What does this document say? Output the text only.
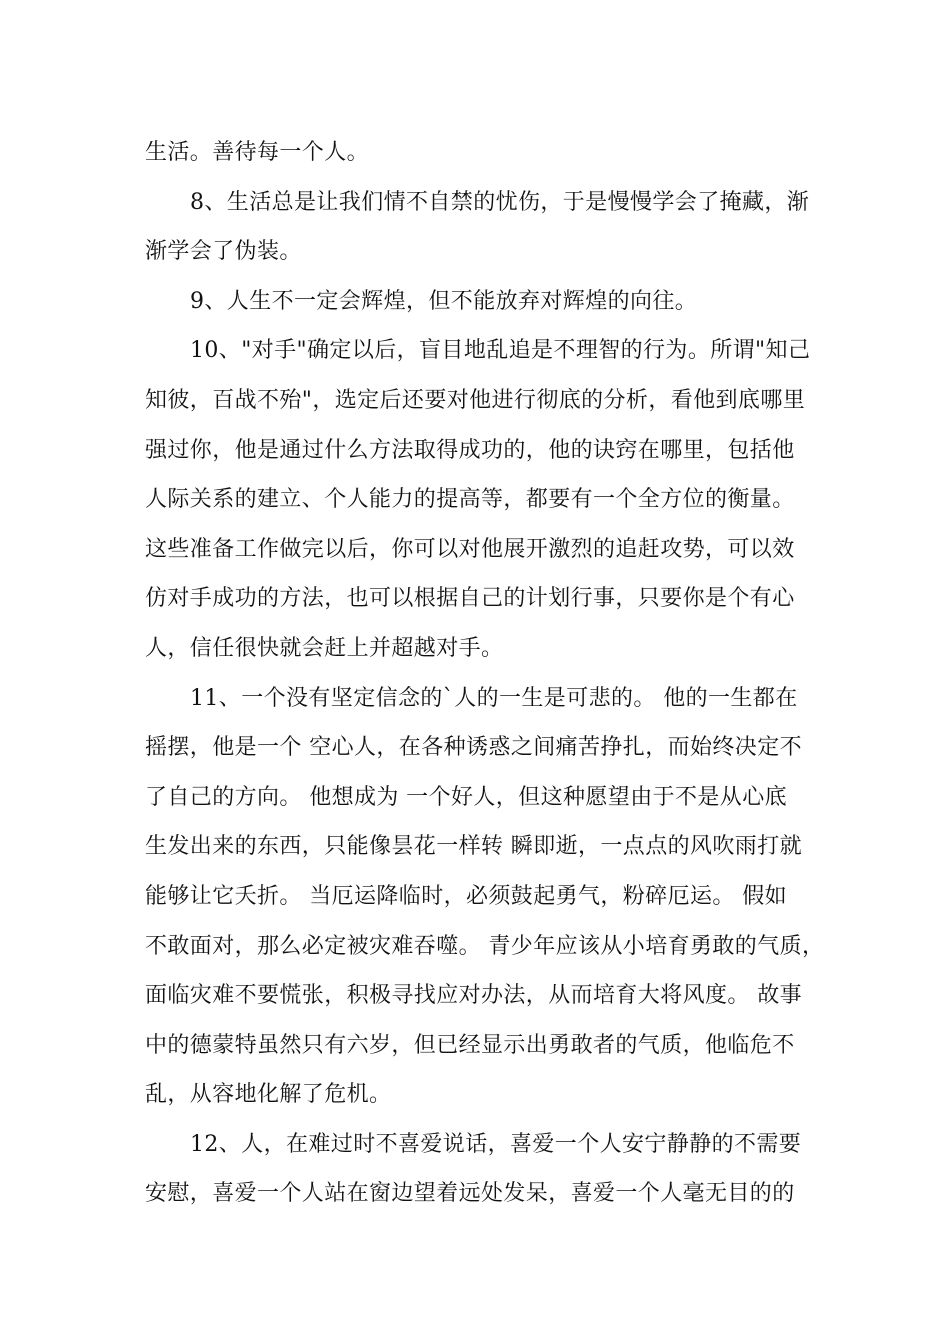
生活。善待每一个人。
8、生活总是让我们情不自禁的忧伤，于是慢慢学会了掩藏，渐
渐学会了伪装。
9、人生不一定会辉煌，但不能放弃对辉煌的向往。
10、"对手"确定以后，盲目地乱追是不理智的行为。所谓"知己
知彼，百战不殆"，选定后还要对他进行彻底的分析，看他到底哪里
强过你，他是通过什么方法取得成功的，他的诀窍在哪里，包括他
人际关系的建立、个人能力的提高等，都要有一个全方位的衡量。
这些准备工作做完以后，你可以对他展开激烈的追赶攻势，可以效
仿对手成功的方法，也可以根据自己的计划行事，只要你是个有心
人，信任很快就会赶上并超越对手。
11、一个没有坚定信念的`人的一生是可悲的。 他的一生都在
摇摆，他是一个 空心人，在各种诱惑之间痛苦挣扎，而始终决定不
了自己的方向。 他想成为 一个好人，但这种愿望由于不是从心底
生发出来的东西，只能像昙花一样转 瞬即逝，一点点的风吹雨打就
能够让它夭折。 当厄运降临时，必须鼓起勇气，粉碎厄运。 假如
不敢面对，那么必定被灾难吞噬。 青少年应该从小培育勇敢的气质，
面临灾难不要慌张，积极寻找应对办法，从而培育大将风度。 故事
中的德蒙特虽然只有六岁，但已经显示出勇敢者的气质，他临危不
乱，从容地化解了危机。
12、人，在难过时不喜爱说话，喜爱一个人安宁静静的不需要
安慰，喜爱一个人站在窗边望着远处发呆，喜爱一个人毫无目的的
